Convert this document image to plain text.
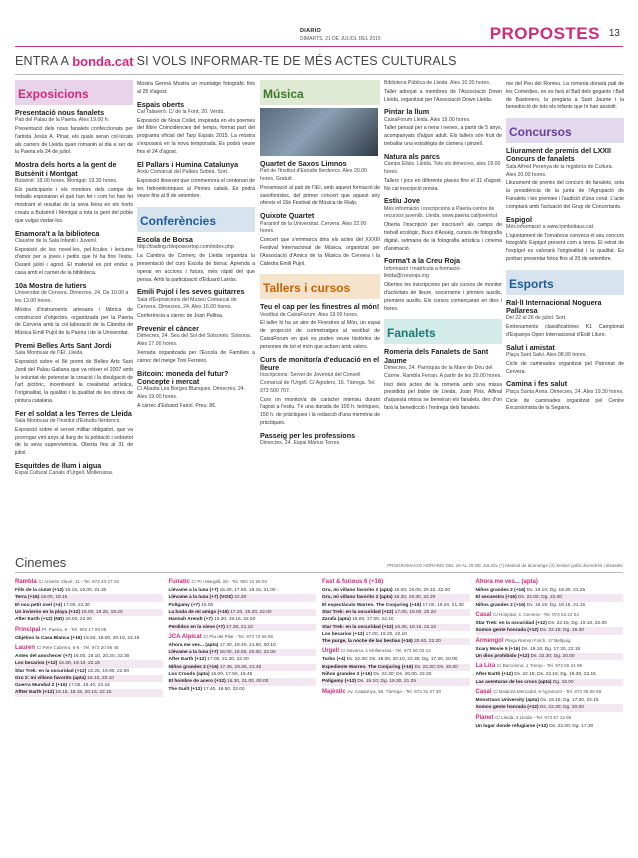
DIARIO
DIMARTS, 21 DE JULIOL DEL 2015	PROPOSTES 13
ENTRA A bonda.cat SI VOLS INFORMAR-TE DE MÉS ACTES CULTURALS
Exposicions
Presentació nous fanalets
Pati del Palau de la Paeria. Ales 19.00 h.
Presentació dels nous fanalets confeccionats per l'artista Jesús A. Pinar, els quals seran col·locats als carrers de Lleida quan romanin al dia a ser de la Paeria els 24 de juliol.
Mostra dels horts a la gent de Butsènit i Montgat
Butsènit: 18.00 hores. Montgat: 19.30 hores.
Els participants i els monitors dels camps de treballs exposaran el què han fet i com ho han fet mostrant el resultat de la seva feina en els horts creats a Butsènit i Montgat a tota la gent del poble que vulgui visitar-los.
Enamora't a la biblioteca
Claustre de la Sala Infantil i Juvenil.
Exposició de les novel·les, pel·lícules i lectures d'amor per a joves i petits que hi ha fins l'estiu. Durant juliol i agost. El material es pot endur a casa amb el carnet de la biblioteca.
10a Mostra de lutiers
Universitat de Cervera. Dimecres, 24. De 10.00 a les 13.00 hores.
Mostra d'instruments artesans i fàbrica de construcció d'objectes, organitzada per la Paeria de Cervera amb la col·laboració de la Càtedra de Música Emili Pujol de la Paeria i de la Universitat.
Premi Belles Arts Sant Jordi
Sala Montsuar de l'IEI. Lleida.
Exposició sobre el 8è premi de Belles Arts Sant Jordi del Palau Galiana que va néixer el 2007 amb la voluntat de potenciar la creació i la divulgació de l'art pictòric, incentivant la creativitat artística, l'originalitat, la qualitat i la qualitat de les obres de pintura catalana.
Fer el soldat a les Terres de Lleida
Sala Montsuar de l'Institut d'Estudis Ilerdencs.
Exposició sobre el servei militar obligatori, que va prorrogar vint anys al llarg de la població i sobretot de la seva supervivència. Oberta fins al 31 de juliol.
Esquitdes de llum i aigua
Espai Cultural Canals d'Urgell. Mollerussa.
Mostra Germà Mostra un muntatge fotogràfic fins al 25 d'agost.
Espais oberts
Cal Talaveró. C/ de la Font, 20. Verdú.
Exposició de Nous Collet, inspirada en els poemes del llibre Coincidències del temps, format part del programa oficial del Tarp Espais 2015. La mostra s'exposarà en la nova temporada. Es podrà veure fins el 24 d'agost.
El Pallars i Humina Catalunya
Arxiu Comarcal del Pallars Sobirà. Sort.
Exposició itinerant que commemora el centenari de les hidroelèctriques al Pirineu català. Es podrà veure fins al 8 de setembre.
Conferències
Escola de Borsa
http://trading.rbloposesrtop.com/index.php
La Cambra de Comerç de Lleida organitza la presentació del curs Escola de borsa: Aprenda a operar en accions i futurs, més ràpid del que pensa. Amb la participació d'Eduard Larràs.
Emili Pujol i les seves guitarres
Sala d'Exposicions del Museu Comarcal de Cervera. Dimecres, 24. Ales 16.00 hores.
Conferència a càrrec de Joan Pellisa.
Prevenir el càncer
Dimecres, 24. Seu del Sol del Solsonès. Solsona. Ales 17.00 hores.
Xerrada organitzada per l'Escola de Famílies a càrrec del metge Toni Ferreiro.
Bitcoin: moneda del futur? Concepte i mercat
C/ Abadia Les Borges Blanques. Dimecres, 24. Ales 19.00 hores.
A càrrec d'Eduard Fariol. Preu: 8€.
Música
Quartet de Saxos Limnos
Pati de l'Institut d'Estudis Ilerdencs. Ales 20.00 hores. Gratuït.
Presentació al pati de l'IEI, amb aquest formació de saxofonistes, del primer concert que aquest any ofereix el 15è Festival de Música de Rialp.
Quixote Quartet
Paraninf de la Universitat. Cervera. Ales 22.00 hores.
Concert que s'emmarca dins els actes del XXXIII Festival Internacional de Música, organitzat per l'Associació d'Amics de la Música de Cervera i la Càtedra Emili Pujol.
Tallers i cursos
Teu el cap per les finestres al món!
Vestíbul de CaixaForum. Ales 19.00 hores.
El taller hi ha un aire de Finestres al Món, un espai de projecció de curtmetratges al vestíbul de CaixaForum en què es poden veure històries de persones de tot el món que actuen amb valors.
Curs de monitor/a d'educació en el lleure
Inscripcions: Servei de Joventut del Consell Comarcal de l'Urgell. C/ Agoders, 16. Tàrrega. Tel. 973 500 707.
Curs on monitor/a de caràcter intensiu durant l'agost a l'estiu. Té una durada de 100 h. teòriques, 150 h. de pràctiques i la redacció d'una memòria de pràctiques.
Passeig per les professions
Dimecres, 24. Espai Màrius Torres.
Biblioteca Pública de Lleida. Ales 10.30 hores.
Taller adreçat a membres de l'Associació Down Lleida, organitzat per l'Associació Down Lleida.
Pintar la llum
CaixaForum Lleida. Ales 19.00 hores.
Taller pensat per a nens i nenes, a partir de 5 anys, acompanyats d'algun adult. Els tallers són fruit de treballar una estratègia de càmera i pinzell.
Natura als parcs
Camps Elisis. Lleida. Tots els dimecres, ales 19.00 hores.
Tallers i jocs en diferents places fins el 31 d'agost. No cal inscripció prèvia.
Estiu Jove
Més informació i inscripcions a Paeria-centre de recursos juvenils. Lleida. www.paeria.cat/joventut
Oberta l'inscripció per inscriure't als camps de treball ecològic, Bucs d'Aouèg, cursos de fotografia digital, setmana de la fotografia artística i cinema d'animació.
Forma't a la Creu Roja
Informació i matrícula a formacio-lleida@creuroja.org
Obertes les inscripcions per als cursos de monitor d'activitats de lleure, socorrisme i primers auxilis, premiers auxilis. Els cursos començaran en dies i hores.
Fanalets
Romeria dels Fanalets de Sant Jaume
Dimecres, 24. Parròquia de la Mare de Déu del Carme. Rambla Ferran. A partir de les 20.00 hores.
Inici dels actes de la romeria amb una missa presidida pel bisbe de Lleida, Joan Piris. Alfinal d'aquesta missa se beneiran els fanalets, des d'on farà la benedicció i l'entrega dels fanalets.
me del Peu del Romeu. La romeria donarà pati de les Comèdies, on es farà el Ball dels gegants i Ball de Bastoners, la pregària a Sant Jaume i la benedicció de tots els infants que hi han assistit.
Concursos
Lliurament de premis del LXXII Concurs de fanalets
Sala Alfred Perenya de la regidoria de Cultura. Ales 20.00 hores.
Lliurament de premis del concurs de fanalets, sota la presidència de la junta de l'Agrupació de Fanalets i les premies i l'audició d'una coral. L'acte comptarà amb l'actuació del Grup de Concertants.
Espigol
Més informació a www.tomboitaus.cat
L'ajuntament de Tornabous convoca el seu concurs fotogràfic Espigol present com a tema. El retrat de l'espígol es valorarà l'originalitat i la qualitat. Es podran presentar fotos fins al 20 de setembre.
Esports
Ral·lI Internacional Noguera Pallaresa
Del 22 al 26 de juliol. Sort.
Entrenaments classificatòries K1 Campionat d'Espanya Open Internacional d'Estil Lliure.
Salut i amistat
Plaça Sant Salvi. Ales 08.00 hores.
Cicle de caminades organitzat pel Patronat de Cervera.
Camina i fes salut
Plaça Santa Anna. Dimecres, 24. Ales 19.30 hores.
Cicle de caminades organitzat pel Centre Excursionista de la Segarra.
Cinemes	PROGRAMACIÓ HORARIS DEL 19 AL 25 DE JULIOL (*) Matinal de diumenge (4) Sessió golfa divendres i dissabte
Rambla C/ Anselm Clavé, 11 - Tel. 973 23 27 26
Fills de la ciutat (+12) 16.15, 19.00, 21.30
Terra (+16) 16.00, 18.15
El nou petit ovel (+4) 17.00, 22.30
Un invierno en la playa (+12) 19.00, 19.25, 19.20
After Earth (+12) (ND) 20.00, 22.00
Principal Pl. Paeria, 8 - Tel. 902 17 09 08
Objetivo la Casa Blanca (+16) 15.50, 18.00, 20.10, 22.15
Lauren C/ Pere Cabrera, 6-8 - Tel. 973 20 56 48
Antes del anochecer (+7) 16.00, 18.10, 20.20, 22.30
Los becarios (+12) 16.30, 19.10, 22.15
Star Trek: en la oscuridad (+12) 16.25, 19.00, 22.00
Gru 2: mi villano favorito (apta) 16.10, 20.10
Guerra Mundial Z (+16) 17.05, 19.40, 22.15
Aftter Earth (+12) 16.15, 18.15, 20.15, 22.15
Funatic C/ Pi i Margall, 26 - Tel. 902 12 58 02
Llévame a la luna (+7) 15.40, 17.50, 19.15, 21.00
Llévame a la luna (+7) (VOS) 22.30
Polígamy (+7) 15.00
La boda de mi amigo (+16) 17.20, 19.20, 22.00
Hannah Arendt (+7) 15.30, 19.15, 22.50
Perdidos en la nieve (+7) 17.30, 21.10
JCA Alpicat C/ Pla del Pilar - Tel. 973 73 66 66
Ahora me ves... (apta) 17.30, 19.40, 21.50, 00.10
Llévame a la luna (+7) 16.00, 18.00, 20.00, 22.00
After Earth (+12) 17.00, 21.30, 23.30
Niños grandes 2 (+16) 17.45, 19.45, 21.45
Los Croods (apta) 16.00, 17.50, 19.45
El hombre de acero (+12) 16.30, 21.00, 00.00
The Guilt (+12) 17.40, 19.50, 22.00
Fast & furious 6 (+16)
Gru, mi villano favorito 2 (apta) 16.00, 18.00, 20.10, 22.00
Gru, mi villano favorito 2 (apta) 16.30, 19.30, 22.20
El espectáculo Warren. The Conjuring (+16) 17.00, 19.20, 21.30
Star Trek: en la oscuridad (+12) 17.00, 19.00, 20.20
Zarafa (apta) 16.00, 17.00, 22.10
Star Trek: en la oscuridad (+12) 16.40, 19.15, 22.10
Los becarios (+12) 17.00, 19.20, 22.10
The purge, la noche de las bestias (+16) 20.40, 22.20
Urgell C/ Navarra, 1 Mollerussa - Tel. 973 60 03 13
Turbo (+4) Dv. 22.30; Ds. 18.00, 20.10, 22.30; Dg. 17.30, 20.00
Expediente Warren. The Conjuring (+16) Dv. 22.30; Ds. 20.00
Niños grandes 2 (+16) Dv. 22.30; Ds. 20.00, 22.30
Polígamy (+12) Ds. 19.10; Dg. 19.30, 21.25
Majèstic Av. Catalunya, 56, Tàrrega - Tel. 973 31 07 30
Ahora me ves... (apta)
Niños grandes 2 (+16) Dv. 19.10; Dg. 19.30, 21.25
El secuestro (+16) Ds. 22.00; Dg. 22.00
Niños grandes 2 (+16) Dv. 19.15; Dg. 19.15, 21.15
Casal C/ Hospital, 4. Cervera - Tel. 973 53 22 54
Star Trek: en la oscuridad (+12) Ds. 22.15; Dg. 19.10, 22.00
Somos gente honrada (+12) Ds. 22.15; Dg. 19.30
Armengol Plaça Ramon Folch, 17 Bellpuig
Scary Movie 5 (+16) Ds. 19.15; Dg. 17.30, 22.15
Un dios prohibido (+12) Ds. 22.30; Dg. 20.00
La Lira C/ Barcelona, 1 Tremp - Tel. 973 65 24 99
After Earth (+12) Dv. 22.15; Ds. 22.15; Dg. 19.30, 22.15
Las aventuras de los crocs (apta) Dg. 19.00
Casal C/ Balanza Mercadal, 8 Agramunt - Tel. 973 39 00 69
Monstruos University (apta) Dv. 19.15; Dg. 17.00, 22.15
Somos gente honrada (+12) Ds. 22.30; Dg. 20.00
Planet C/ Lleida, 2 Lleida - Tel. 973 57 13 66
Un lugar donde refugiarse (+12) Ds. 22.00; Dg. 17.30
